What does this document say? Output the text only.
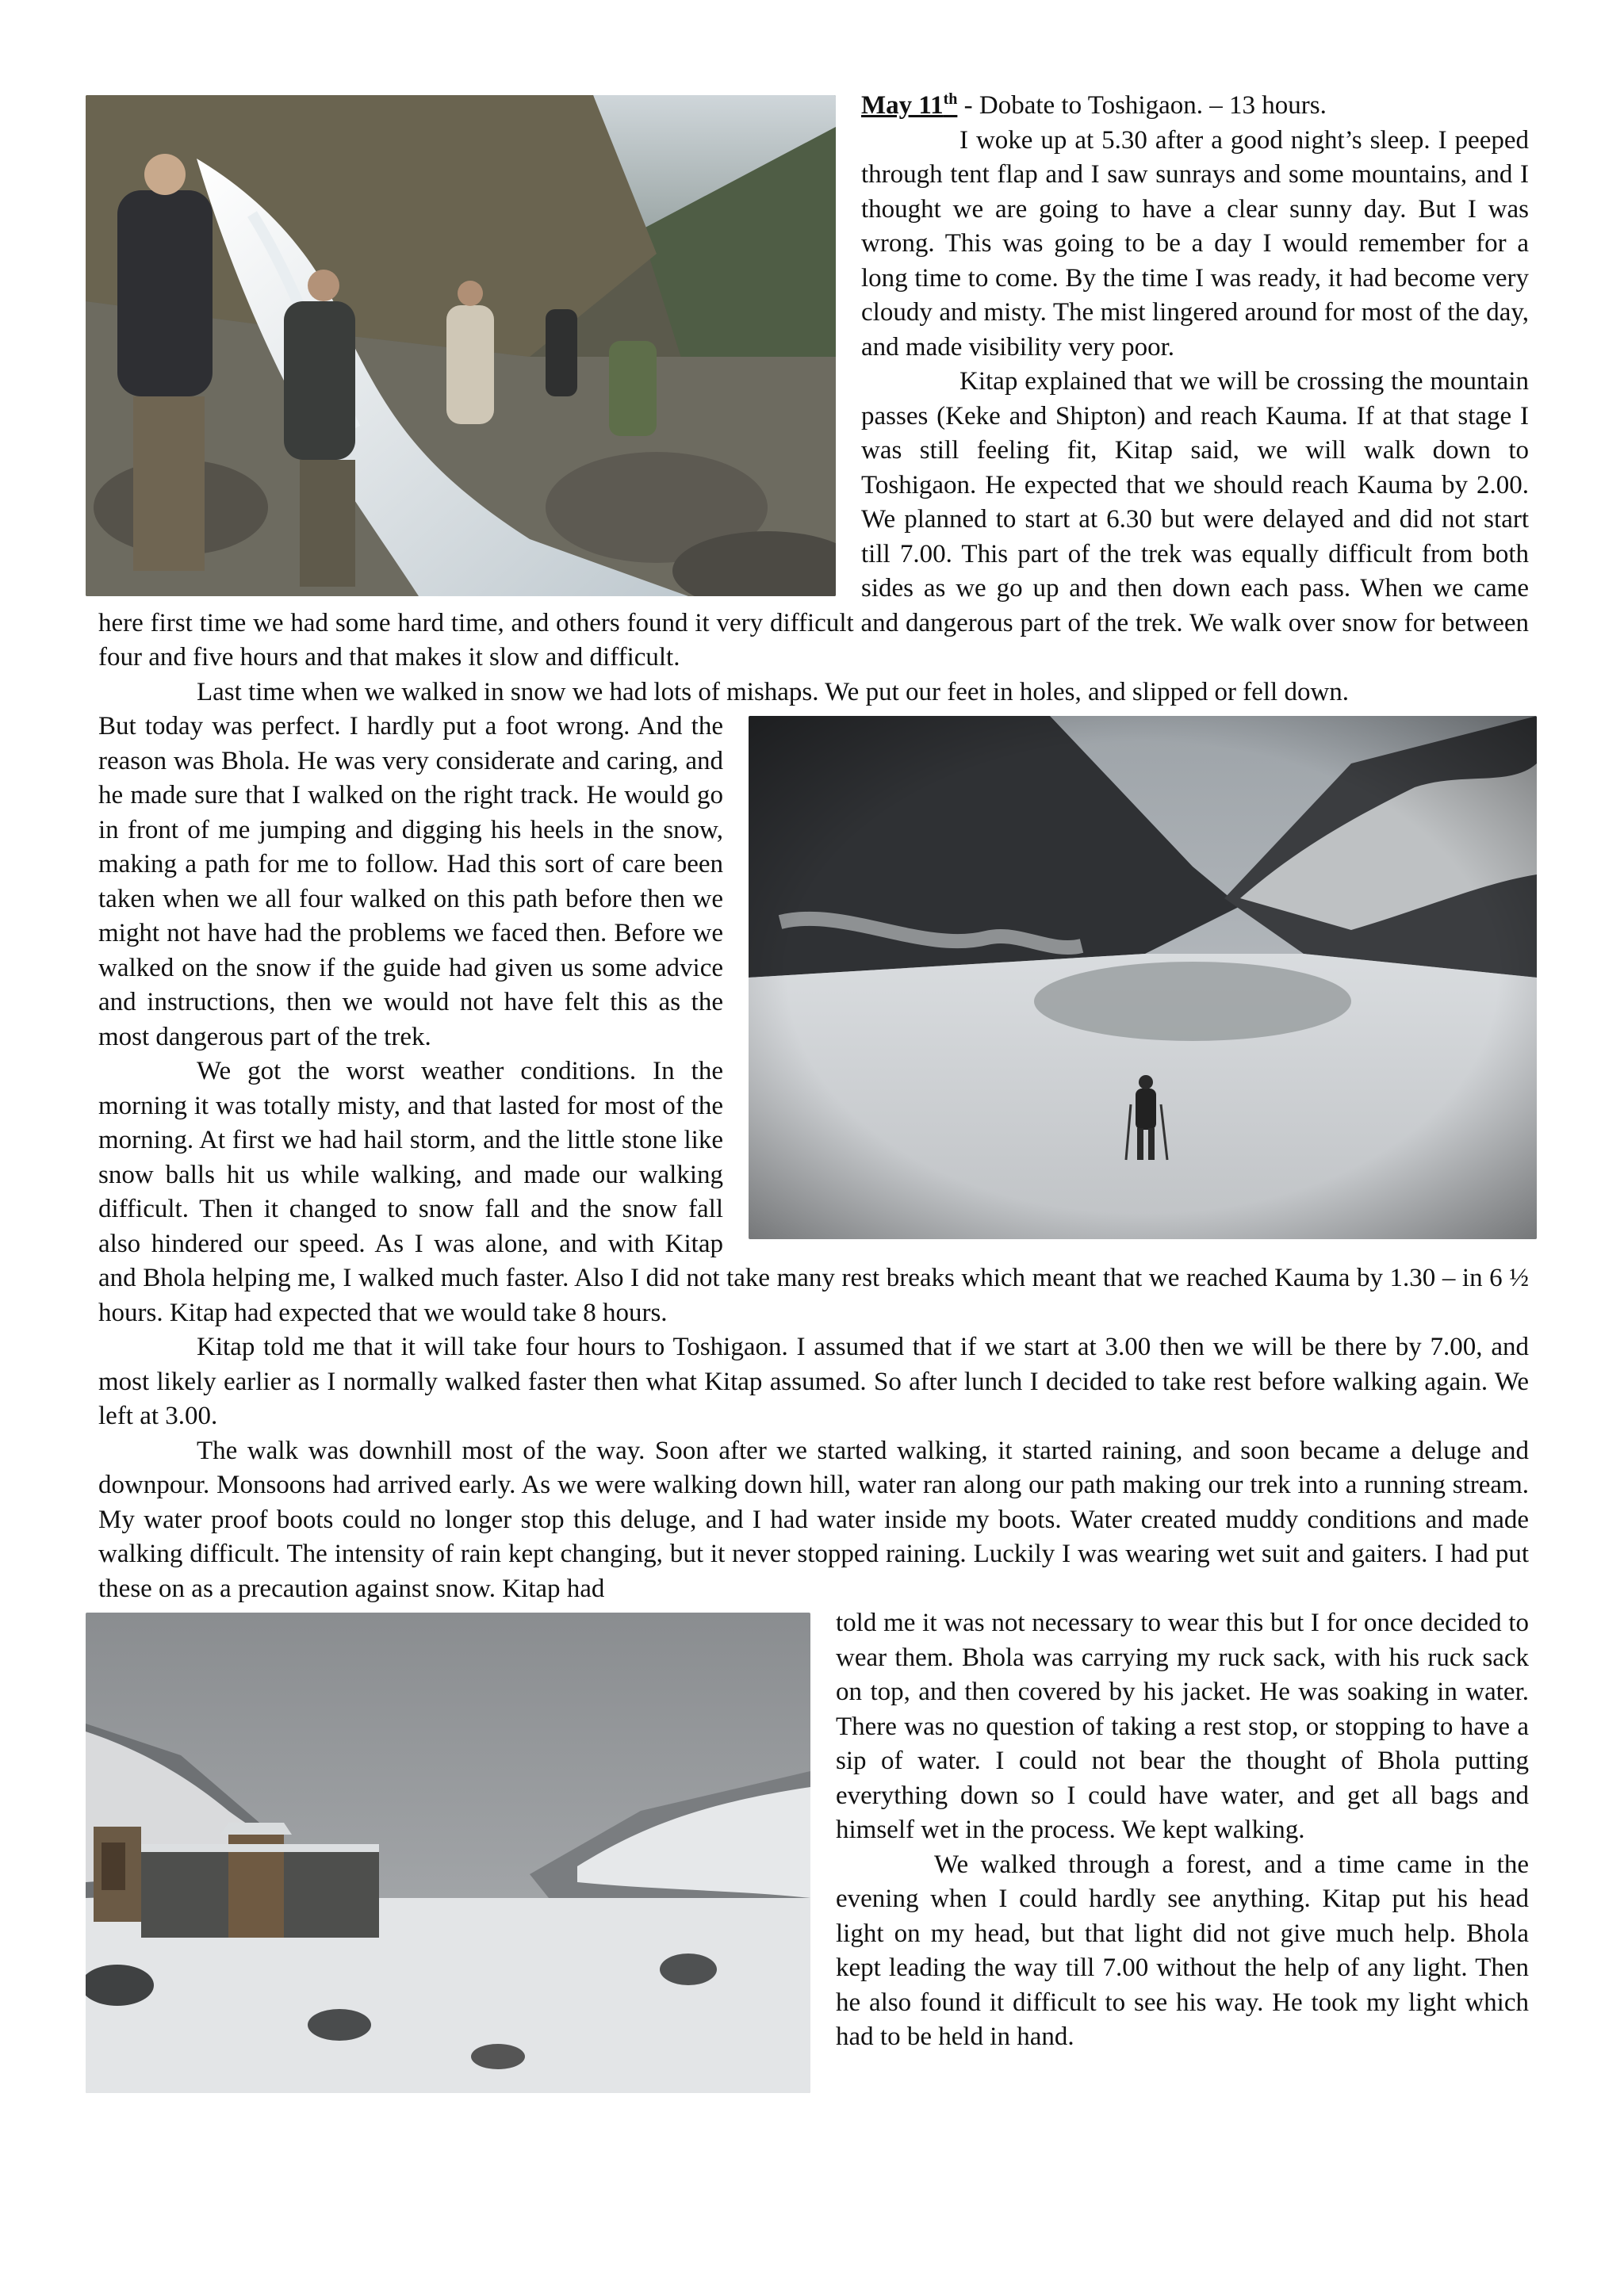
May 11th - Dobate to Toshigaon. – 13 hours.

I woke up at 5.30 after a good night’s sleep. I peeped through tent flap and I saw sunrays and some mountains, and I thought we are going to have a clear sunny day. But I was wrong. This was going to be a day I would remember for a long time to come. By the time I was ready, it had become very cloudy and misty. The mist lingered around for most of the day, and made visibility very poor.

Kitap explained that we will be crossing the mountain passes (Keke and Shipton) and reach Kauma. If at that stage I was still feeling fit, Kitap said, we will walk down to Toshigaon. He expected that we should reach Kauma by 2.00. We planned to start at 6.30 but were delayed and did not start till 7.00. This part of the trek was equally difficult from both sides as we go up and then down each pass. When we came here first time we had some hard time, and others found it very difficult and dangerous part of the trek. We walk over snow for between four and five hours and that makes it slow and difficult.

Last time when we walked in snow we had lots of mishaps. We put our feet in holes, and slipped or fell down.

But today was perfect. I hardly put a foot wrong. And the reason was Bhola. He was very considerate and caring, and he made sure that I walked on the right track. He would go in front of me jumping and digging his heels in the snow, making a path for me to follow. Had this sort of care been taken when we all four walked on this path before then we might not have had the problems we faced then. Before we walked on the snow if the guide had given us some advice and instructions, then we would not have felt this as the most dangerous part of the trek.

We got the worst weather conditions. In the morning it was totally misty, and that lasted for most of the morning. At first we had hail storm, and the little stone like snow balls hit us while walking, and made our walking difficult. Then it changed to snow fall and the snow fall also hindered our speed. As I was alone, and with Kitap and Bhola helping me, I walked much faster. Also I did not take many rest breaks which meant that we reached Kauma by 1.30 – in 6 ½ hours. Kitap had expected that we would take 8 hours.

Kitap told me that it will take four hours to Toshigaon. I assumed that if we start at 3.00 then we will be there by 7.00, and most likely earlier as I normally walked faster then what Kitap assumed. So after lunch I decided to take rest before walking again. We left at 3.00.

The walk was downhill most of the way. Soon after we started walking, it started raining, and soon became a deluge and downpour. Monsoons had arrived early. As we were walking down hill, water ran along our path making our trek into a running stream. My water proof boots could no longer stop this deluge, and I had water inside my boots. Water created muddy conditions and made walking difficult. The intensity of rain kept changing, but it never stopped raining. Luckily I was wearing wet suit and gaiters. I had put these on as a precaution against snow. Kitap had

told me it was not necessary to wear this but I for once decided to wear them. Bhola was carrying my ruck sack, with his ruck sack on top, and then covered by his jacket. He was soaking in water. There was no question of taking a rest stop, or stopping to have a sip of water. I could not bear the thought of Bhola putting everything down so I could have water, and get all bags and himself wet in the process. We kept walking.

We walked through a forest, and a time came in the evening when I could hardly see anything. Kitap put his head light on my head, but that light did not give much help. Bhola kept leading the way till 7.00 without the help of any light. Then he also found it difficult to see his way. He took my light which had to be held in hand.
